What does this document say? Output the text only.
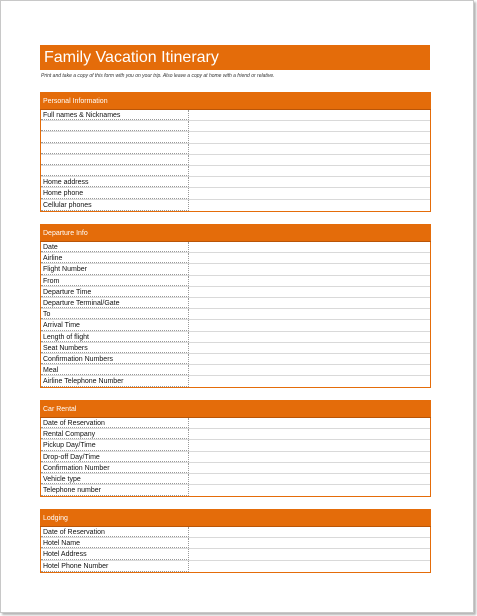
Family Vacation Itinerary
Print and take a copy of this form with you on your trip. Also leave a copy at home with a friend or relative.
Personal Information
Full names & Nicknames
Home address
Home phone
Cellular phones
Departure Info
Date
Airline
Flight Number
From
Departure Time
Departure Terminal/Gate
To
Arrival Time
Length of flight
Seat Numbers
Confirmation Numbers
Meal
Airline Telephone Number
Car Rental
Date of Reservation
Rental Company
Pickup Day/Time
Drop-off Day/Time
Confirmation Number
Vehicle type
Telephone number
Lodging
Date of Reservation
Hotel Name
Hotel Address
Hotel Phone Number
